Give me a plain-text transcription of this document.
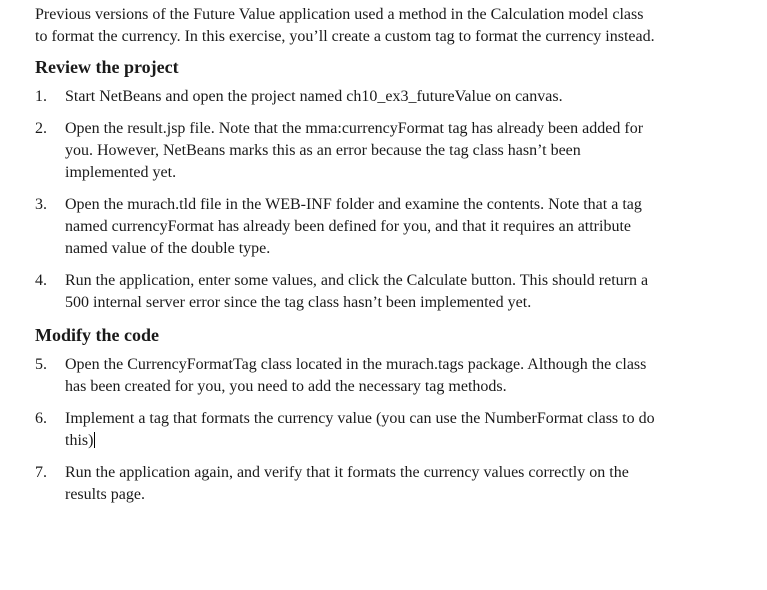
Previous versions of the Future Value application used a method in the Calculation model class to format the currency. In this exercise, you’ll create a custom tag to format the currency instead.

Review the project
1. Start NetBeans and open the project named ch10_ex3_futureValue on canvas.
2. Open the result.jsp file. Note that the mma:currencyFormat tag has already been added for you. However, NetBeans marks this as an error because the tag class hasn’t been implemented yet.
3. Open the murach.tld file in the WEB-INF folder and examine the contents. Note that a tag named currencyFormat has already been defined for you, and that it requires an attribute named value of the double type.
4. Run the application, enter some values, and click the Calculate button. This should return a 500 internal server error since the tag class hasn’t been implemented yet.
Modify the code
5. Open the CurrencyFormatTag class located in the murach.tags package. Although the class has been created for you, you need to add the necessary tag methods.
6. Implement a tag that formats the currency value (you can use the NumberFormat class to do this)
7. Run the application again, and verify that it formats the currency values correctly on the results page.
